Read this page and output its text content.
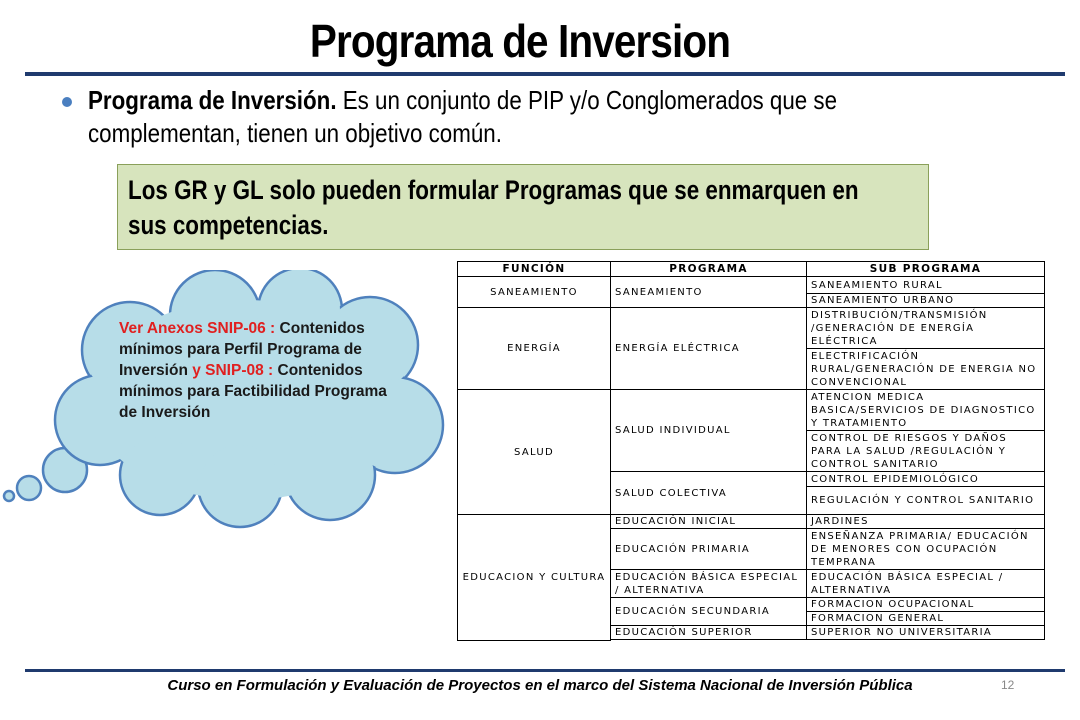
Programa de Inversion
Programa de Inversión. Es un conjunto de PIP y/o Conglomerados que se complementan, tienen un objetivo común.
Los GR y GL solo pueden formular Programas que se enmarquen en sus competencias.
Ver Anexos SNIP-06 : Contenidos mínimos para Perfil Programa de Inversión y SNIP-08 : Contenidos mínimos para Factibilidad Programa de Inversión
FUNCIÓN	PROGRAMA	SUB PROGRAMA
SANEAMIENTO	SANEAMIENTO	SANEAMIENTO RURAL
		SANEAMIENTO URBANO
ENERGÍA	ENERGÍA ELÉCTRICA	DISTRIBUCIÓN/TRANSMISIÓN /GENERACIÓN DE ENERGÍA ELÉCTRICA
		ELECTRIFICACIÓN RURAL/GENERACIÓN DE ENERGIA NO CONVENCIONAL
SALUD	SALUD INDIVIDUAL	ATENCION MEDICA BASICA/SERVICIOS DE DIAGNOSTICO Y TRATAMIENTO
		CONTROL DE RIESGOS Y DAÑOS PARA LA SALUD /REGULACIÓN Y CONTROL SANITARIO
	SALUD COLECTIVA	CONTROL EPIDEMIOLÓGICO
		REGULACIÓN Y CONTROL SANITARIO
EDUCACION Y CULTURA	EDUCACIÓN INICIAL	JARDINES
	EDUCACIÓN PRIMARIA	ENSEÑANZA PRIMARIA/ EDUCACIÓN DE MENORES CON OCUPACIÓN TEMPRANA
	EDUCACIÓN BÁSICA ESPECIAL / ALTERNATIVA	EDUCACIÓN BÁSICA ESPECIAL / ALTERNATIVA
	EDUCACIÓN SECUNDARIA	FORMACION OCUPACIONAL
		FORMACION GENERAL
	EDUCACIÓN SUPERIOR	SUPERIOR NO UNIVERSITARIA

Curso en Formulación y Evaluación de Proyectos en el marco del Sistema Nacional de Inversión Pública	12
